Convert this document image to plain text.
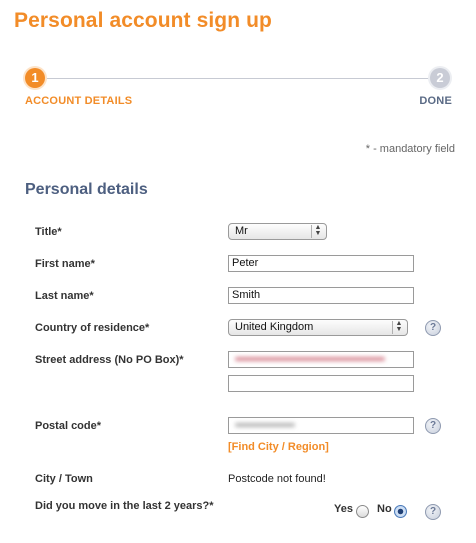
Personal account sign up
1	2
ACCOUNT DETAILS	DONE
* - mandatory field
Personal details
Title*	Mr	▲
▼
First name*	Peter
Last name*	Smith
Country of residence*	United Kingdom	▲
▼	?
Street address (No PO Box)*
Postal code*	?
[Find City / Region]
City / Town	Postcode not found!
Did you move in the last 2 years?*	Yes No	?
